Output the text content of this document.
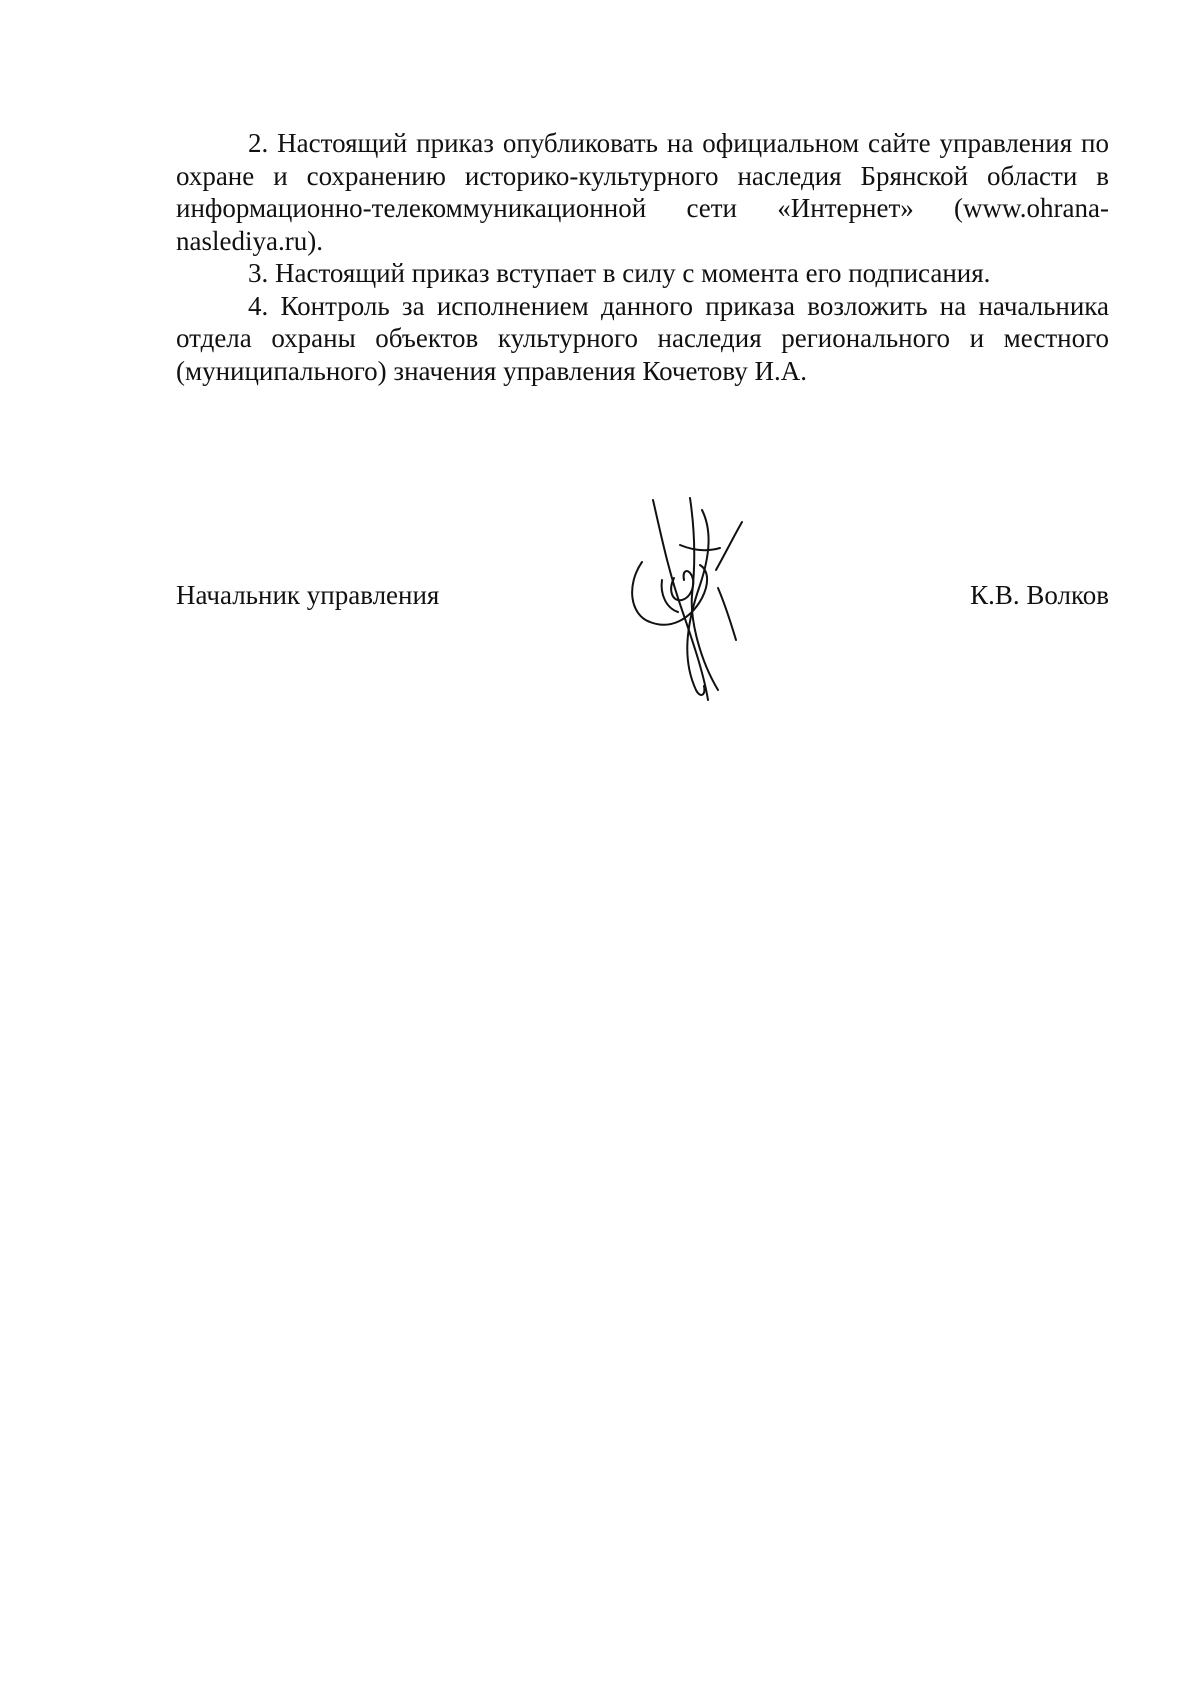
2. Настоящий приказ опубликовать на официальном сайте управления по охране и сохранению историко-культурного наследия Брянской области в информационно-телекоммуникационной сети «Интернет» (www.ohrana-naslediya.ru).

3. Настоящий приказ вступает в силу с момента его подписания.

4. Контроль за исполнением данного приказа возложить на начальника отдела охраны объектов культурного наследия регионального и местного (муниципального) значения управления Кочетову И.А.

Начальник управления	К.В. Волков
